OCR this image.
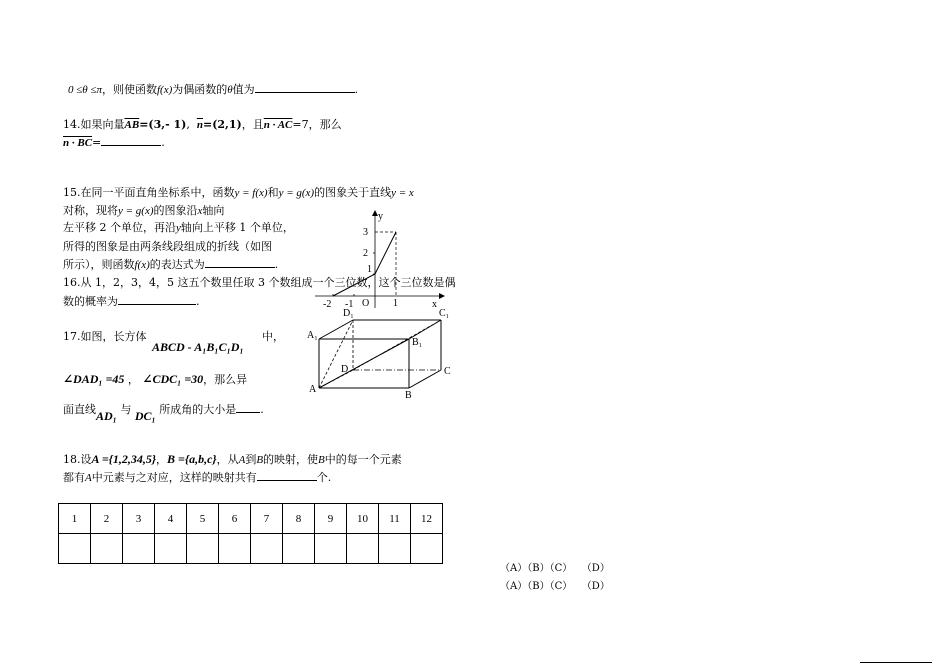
0 ≤θ ≤π，则使函数f(x)为偶函数的θ值为	.
14.如果向量$\overline{AB}=(3,-$ 1), $\overline{n}=(2,1)$，且n · AC=7，那么
n · BC=	.
15.在同一平面直角坐标系中，函数y = f(x)和y = g(x)的图象关于直线y = x
对称，现将y = g(x)的图象沿x轴向
左平移 2 个单位，再沿y轴向上平移 1 个单位，
所得的图象是由两条线段组成的折线（如图
所示），则函数f(x)的表达式为	.
16.从 1，2，3，4，5 这五个数里任取 3 个数组成一个三位数，这个三位数是偶
数的概率为	.
y
x
O
3
2
1
-2 -1	1
17.如图，长方体
ABCD - A₁B₁C₁D₁
中，
∠DAD₁ =45 ， ∠CDC₁ =30，那么异
面直线AD₁ 与 DC₁ 所成角的大小是 .
D₁	C₁
A₁
B₁
D	C
A
B
18.设A ={1,2,34,5}，B ={a,b,c}，从A到B的映射，使B中的每一个元素
都有A中元素与之对应，这样的映射共有	个.
1	2	3	4	5	6	7	8	9	10	11	12

（A）（B）（C） （D）
（A）（B）（C） （D）
